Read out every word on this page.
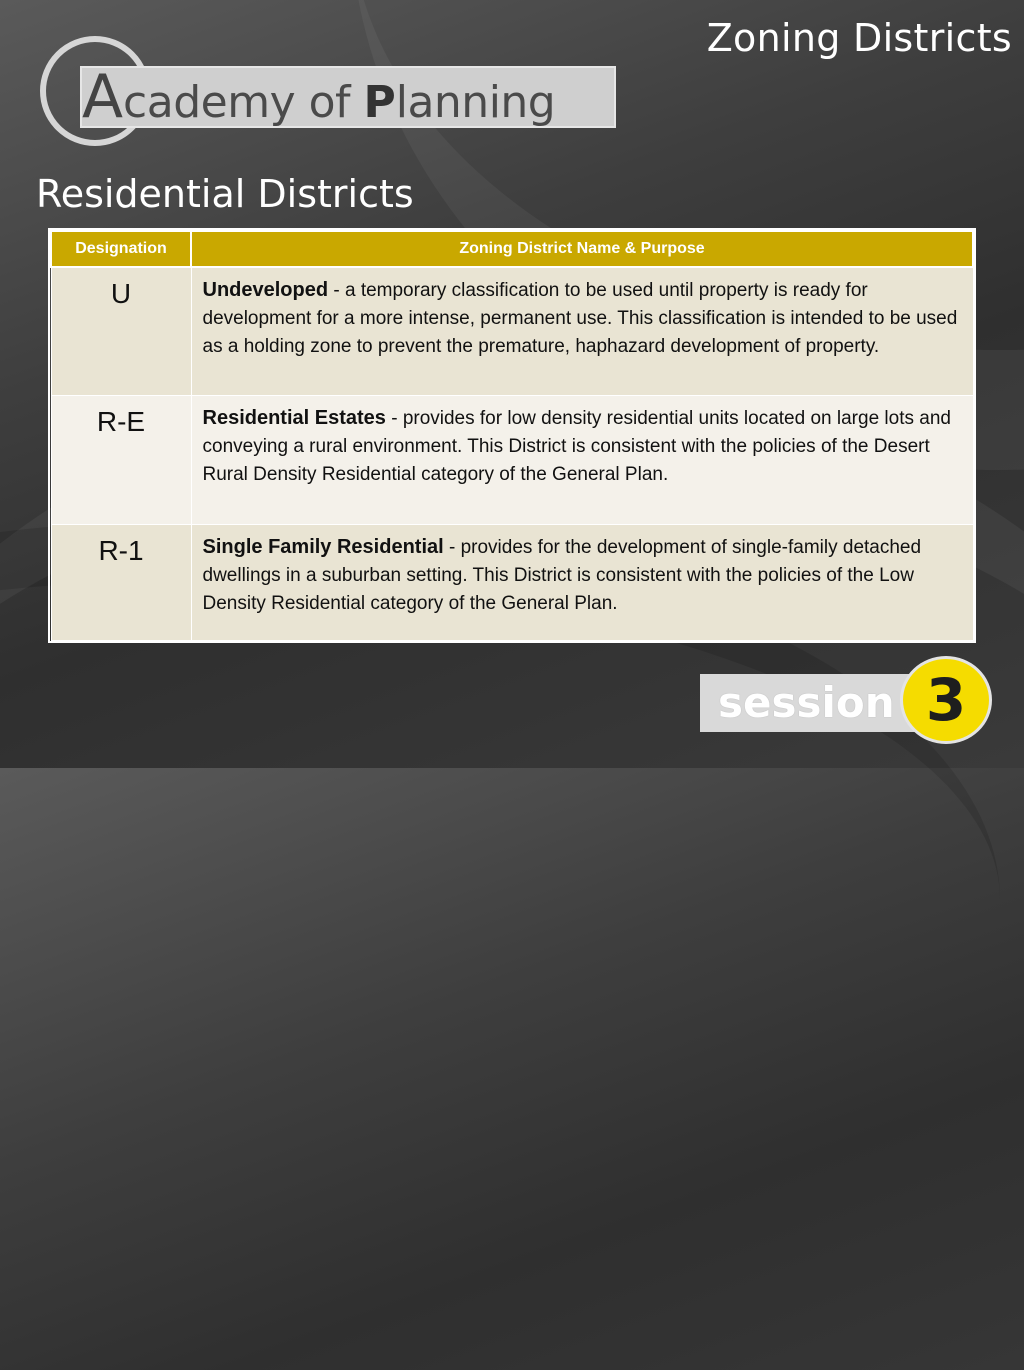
Zoning Districts
Academy of Planning
Residential Districts
Designation	Zoning District Name & Purpose
U	Undeveloped - a temporary classification to be used until property is ready for development for a more intense, permanent use. This classification is intended to be used as a holding zone to prevent the premature, haphazard development of property.
R-E	Residential Estates - provides for low density residential units located on large lots and conveying a rural environment. This District is consistent with the policies of the Desert Rural Density Residential category of the General Plan.
R-1	Single Family Residential - provides for the development of single-family detached dwellings in a suburban setting. This District is consistent with the policies of the Low Density Residential category of the General Plan.
session 3
